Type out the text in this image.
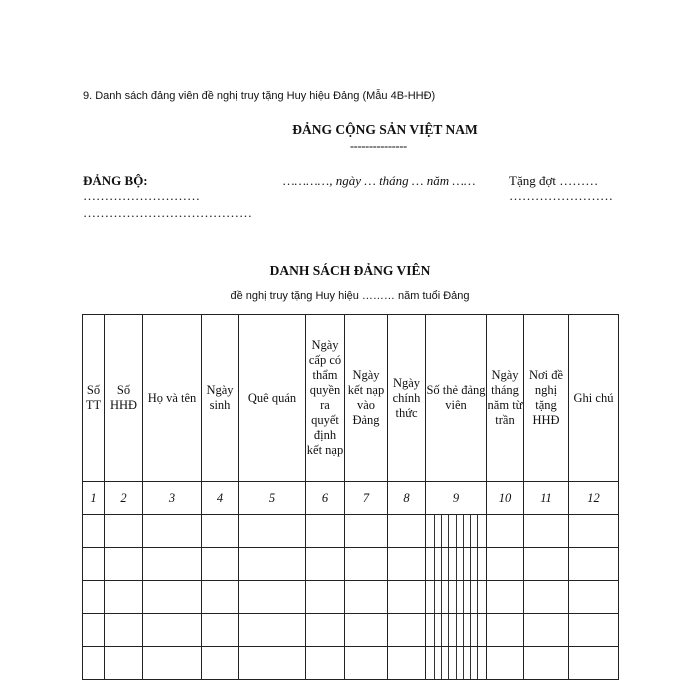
9. Danh sách đảng viên đề nghị truy tặng Huy hiệu Đảng (Mẫu 4B-HHĐ)
ĐẢNG CỘNG SẢN VIỆT NAM
---------------
ĐẢNG BỘ:
………………………
…………………………………
…………, ngày … tháng … năm ……	Tặng đợt ………
……………………
DANH SÁCH ĐẢNG VIÊN
đề nghị truy tặng Huy hiệu ……… năm tuổi Đảng
Số TT	Số HHĐ	Họ và tên	Ngày sinh	Quê quán	Ngày cấp có thẩm quyền ra quyết định kết nạp	Ngày kết nạp vào Đảng	Ngày chính thức	Số thẻ đảng viên	Ngày tháng năm từ trần	Nơi đề nghị tặng HHĐ	Ghi chú
1	2	3	4	5	6	7	8	9	10	11	12
